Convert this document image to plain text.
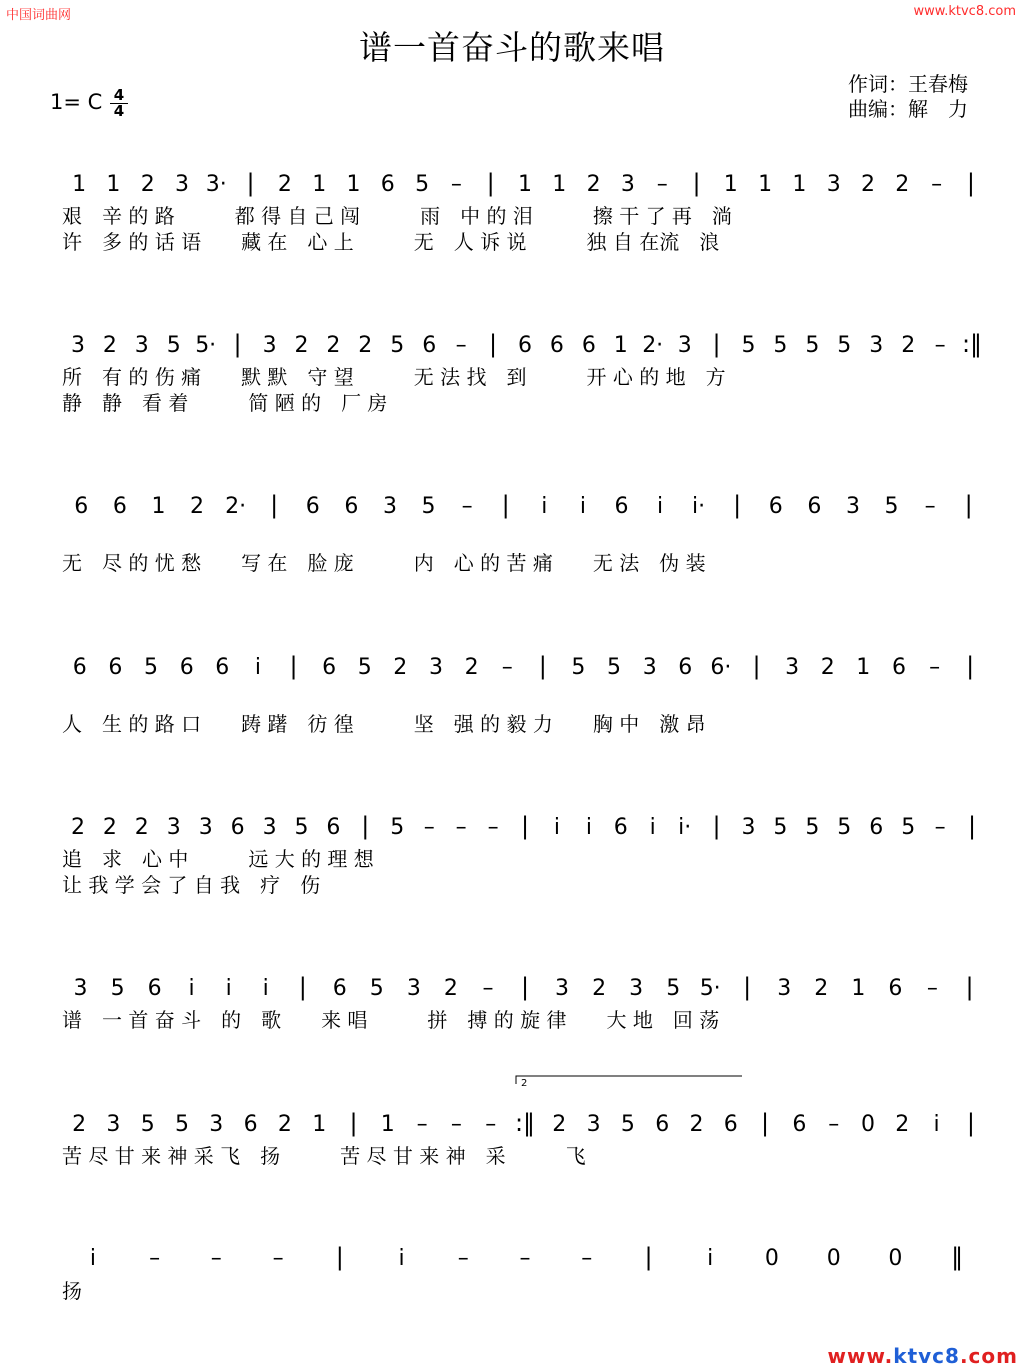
中国词曲网	www.ktvc8.com
谱一首奋斗的歌来唱
作词：王春梅
曲编：解　力
1= C 4
4
1 1 2 3 3· | 2 1 1 6 5 – | 1 1 2 3 – | 1 1 1 3 2 2 – |
艰　辛 的 路　　　都 得 自 己 闯　　　雨　中 的 泪　　　擦 干 了 再　淌
许　多 的 话 语　　藏 在　心 上　　　无　人 诉 说　　　独 自 在流　浪
3 2 3 5 5· | 3 2 2 2 5 6 – | 6 6 6 1 2· 3 | 5 5 5 5 3 2 – :‖
所　有 的 伤 痛　　默 默　守 望　　　无 法 找　到　　　开 心 的 地　方
静　静　看 着　　　简 陋 的　厂 房
6 6 1 2 2· | 6 6 3 5 – | i i 6 i i· | 6 6 3 5 – |
无　尽 的 忧 愁　　写 在　脸 庞　　　内　心 的 苦 痛　　无 法　伪 装
6 6 5 6 6 i | 6 5 2 3 2 – | 5 5 3 6 6· | 3 2 1 6 – |
人　生 的 路 口　　踌 躇　彷 徨　　　坚　强 的 毅 力　　胸 中　激 昂
2 2 2 3 3 6 3 5 6 | 5 – – – | i i 6 i i· | 3 5 5 5 6 5 – |
追　求　心 中　　　远 大 的 理 想
让 我 学 会 了 自 我　疗　伤
3 5 6 i i i | 6 5 3 2 – | 3 2 3 5 5· | 3 2 1 6 – |
谱　一 首 奋 斗　的　歌　　来 唱　　　拼　搏 的 旋 律　　大 地　回 荡
2 3 5 5 3 6 2 1 | 1 – – – :‖ 2 3 5 6 2 6 | 6 – 0 2 i |
苦 尽 甘 来 神 采 飞　扬　　　苦 尽 甘 来 神　采　　　飞
2
i – – – | i – – – | i 0 0 0 ‖
扬
www.ktvc8.com
